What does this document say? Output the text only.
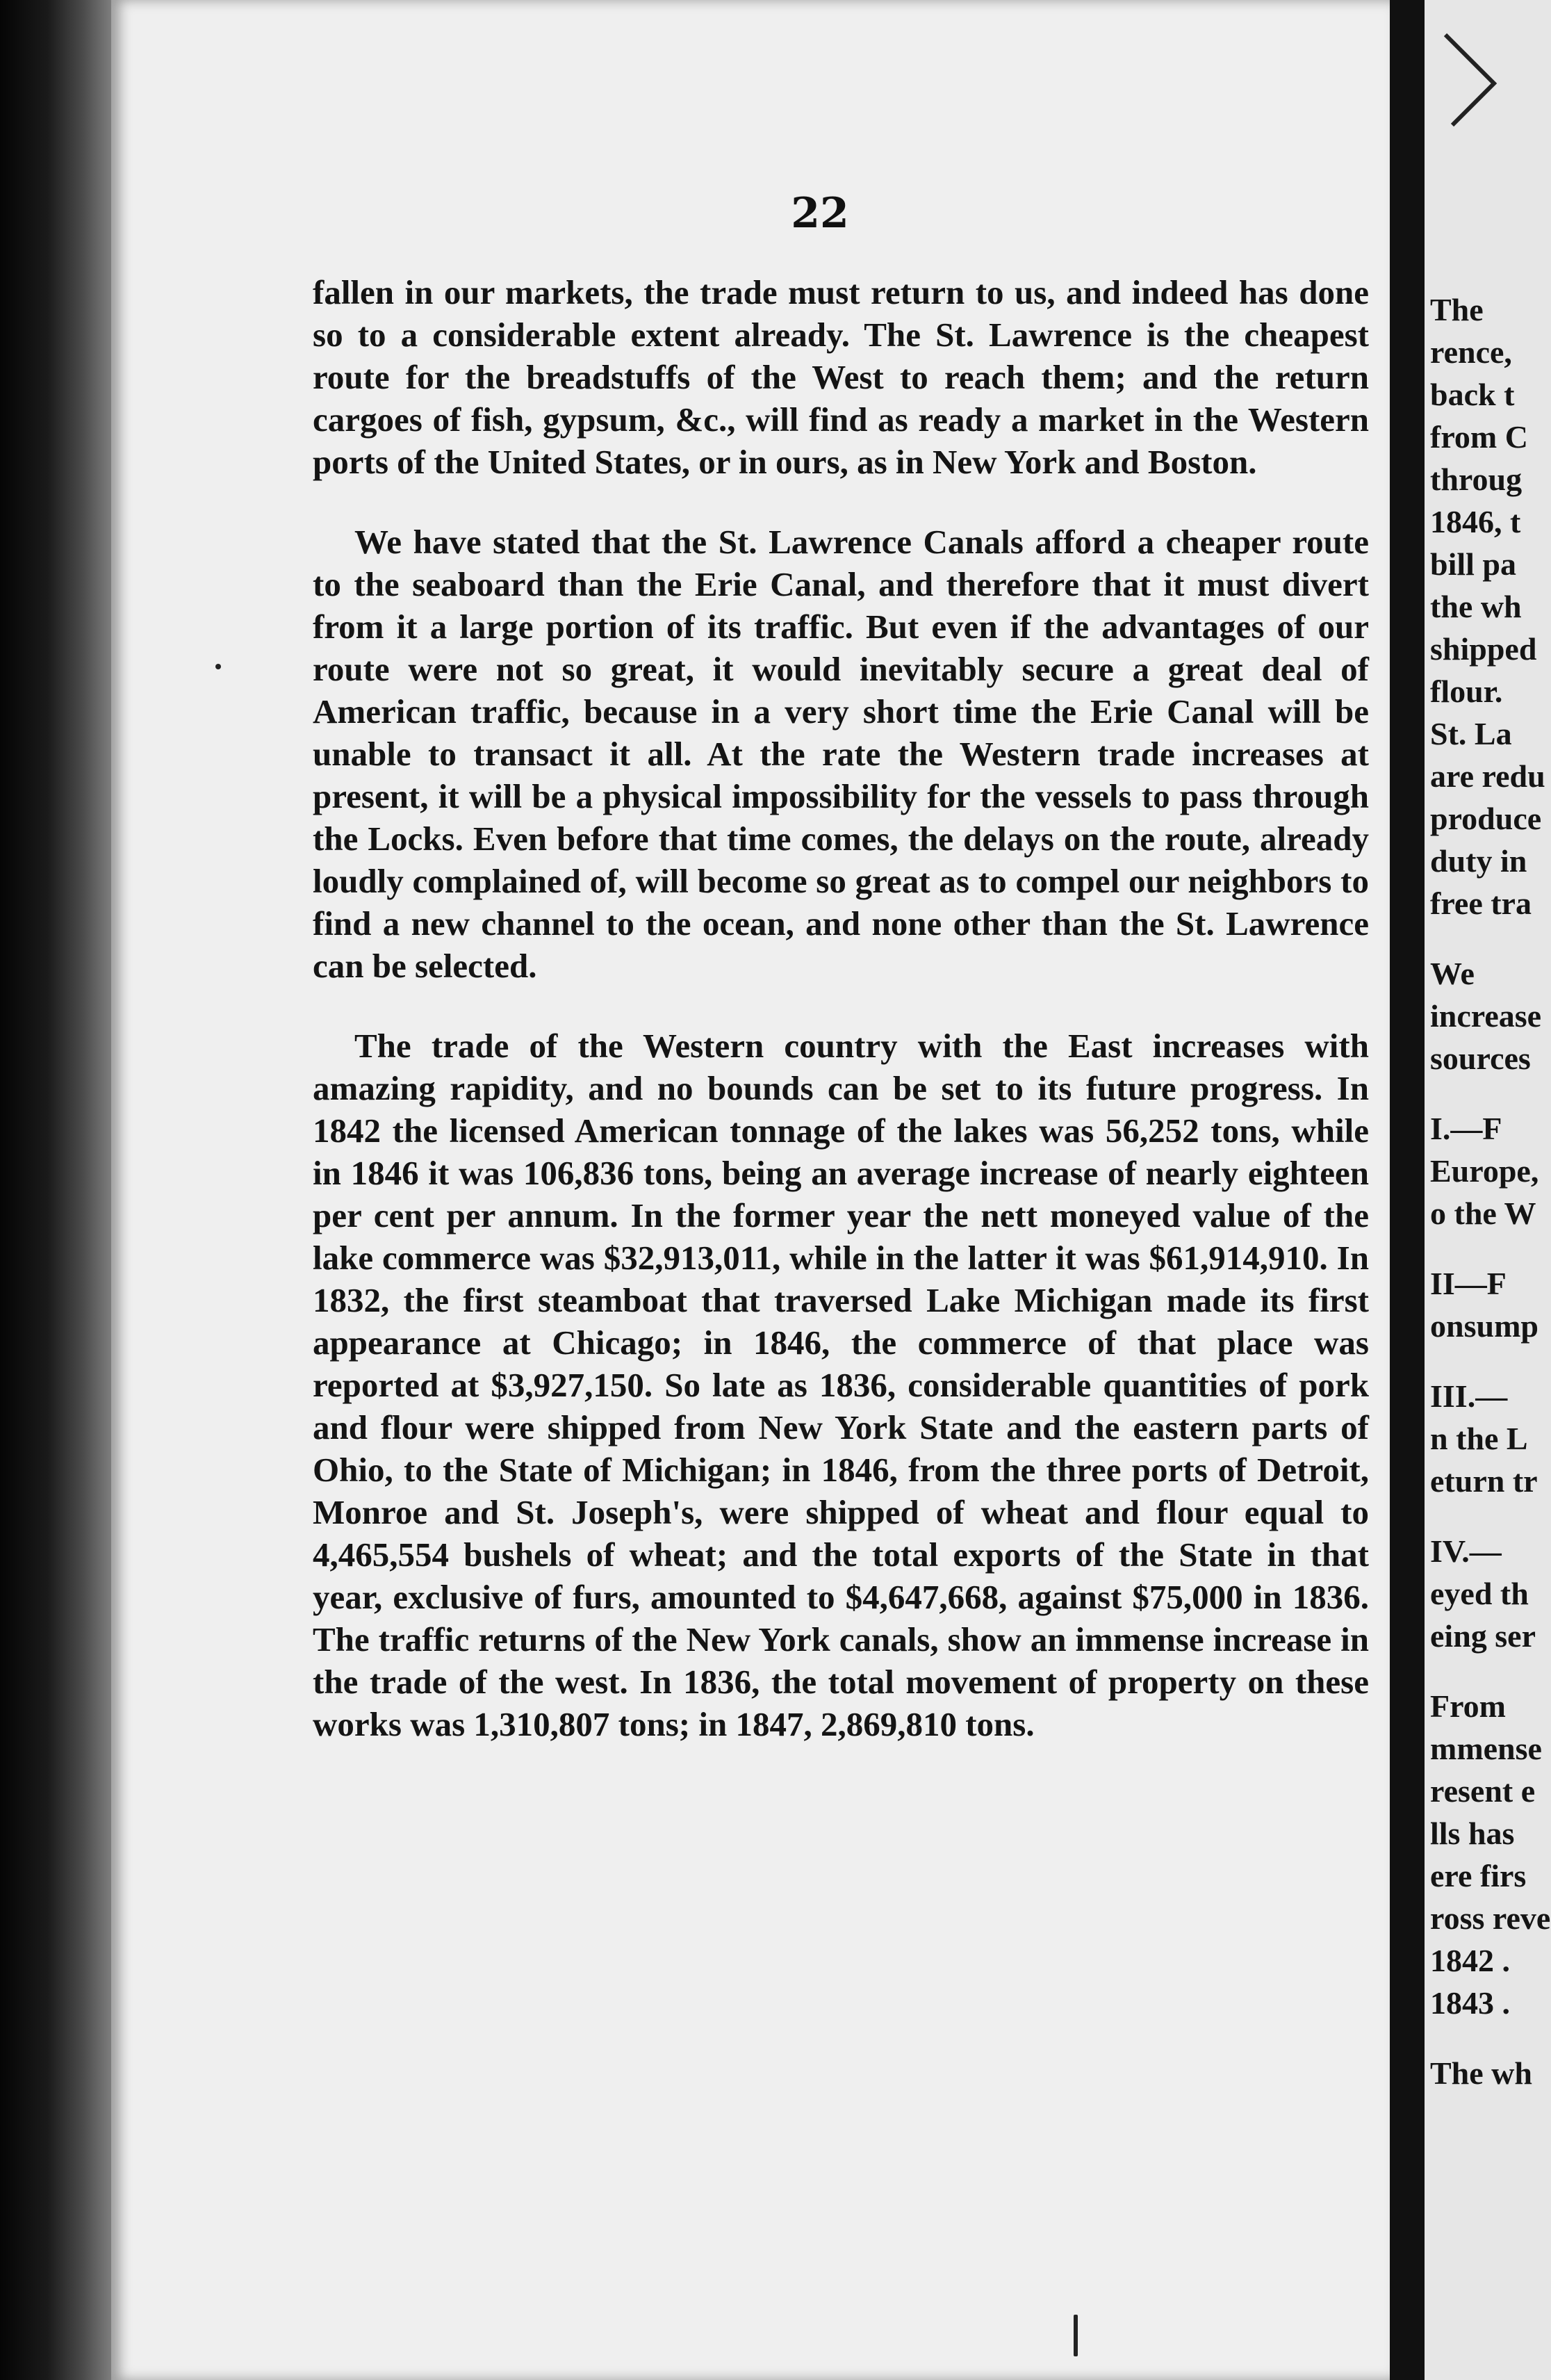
22

fallen in our markets, the trade must return to us, and indeed has done so to a considerable extent already. The St. Lawrence is the cheapest route for the breadstuffs of the West to reach them; and the return cargoes of fish, gypsum, &c., will find as ready a market in the Western ports of the United States, or in ours, as in New York and Boston.

We have stated that the St. Lawrence Canals afford a cheaper route to the seaboard than the Erie Canal, and therefore that it must divert from it a large portion of its traffic. But even if the advantages of our route were not so great, it would inevitably secure a great deal of American traffic, because in a very short time the Erie Canal will be unable to transact it all. At the rate the Western trade increases at present, it will be a physical impossibility for the vessels to pass through the Locks. Even before that time comes, the delays on the route, already loudly complained of, will become so great as to compel our neighbors to find a new channel to the ocean, and none other than the St. Lawrence can be selected.

The trade of the Western country with the East increases with amazing rapidity, and no bounds can be set to its future progress. In 1842 the licensed American tonnage of the lakes was 56,252 tons, while in 1846 it was 106,836 tons, being an average increase of nearly eighteen per cent per annum. In the former year the nett moneyed value of the lake commerce was $32,913,011, while in the latter it was $61,914,910. In 1832, the first steamboat that traversed Lake Michigan made its first appearance at Chicago; in 1846, the commerce of that place was reported at $3,927,150. So late as 1836, considerable quantities of pork and flour were shipped from New York State and the eastern parts of Ohio, to the State of Michigan; in 1846, from the three ports of Detroit, Monroe and St. Joseph's, were shipped of wheat and flour equal to 4,465,554 bushels of wheat; and the total exports of the State in that year, exclusive of furs, amounted to $4,647,668, against $75,000 in 1836. The traffic returns of the New York canals, show an immense increase in the trade of the west. In 1836, the total movement of property on these works was 1,310,807 tons; in 1847, 2,869,810 tons.

The
rence,
back t
from C
throug
1846, t
bill pa
the wh
shipped
flour.
St. La
are redu
produce
duty in
free tra
We
increase
sources
I.—F
Europe,
o the W
II—F
onsump
III.—
n the L
eturn tr
IV.—
eyed th
eing ser
From
mmense
resent e
lls has
ere firs
ross reve
1842 .
1843 .
The wh
